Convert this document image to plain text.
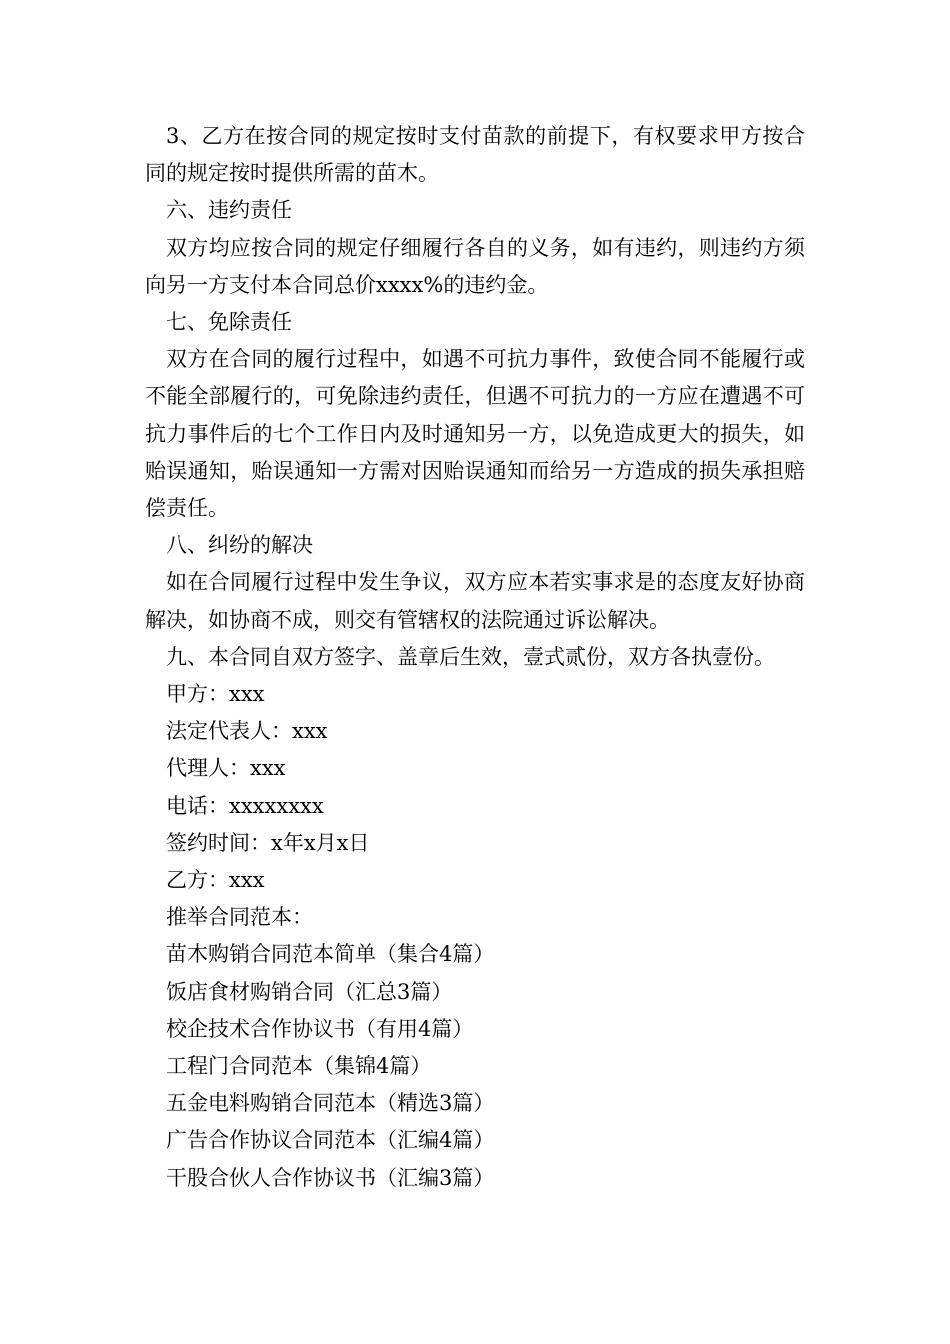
3、乙方在按合同的规定按时支付苗款的前提下，有权要求甲方按合同的规定按时提供所需的苗木。

六、违约责任

双方均应按合同的规定仔细履行各自的义务，如有违约，则违约方须向另一方支付本合同总价xxxx%的违约金。

七、免除责任

双方在合同的履行过程中，如遇不可抗力事件，致使合同不能履行或不能全部履行的，可免除违约责任，但遇不可抗力的一方应在遭遇不可抗力事件后的七个工作日内及时通知另一方，以免造成更大的损失，如贻误通知，贻误通知一方需对因贻误通知而给另一方造成的损失承担赔偿责任。

八、纠纷的解决

如在合同履行过程中发生争议，双方应本若实事求是的态度友好协商解决，如协商不成，则交有管辖权的法院通过诉讼解决。

九、本合同自双方签字、盖章后生效，壹式贰份，双方各执壹份。

甲方：xxx

法定代表人：xxx

代理人：xxx

电话：xxxxxxxx

签约时间：x年x月x日

乙方：xxx

推举合同范本：

苗木购销合同范本简单（集合4篇）

饭店食材购销合同（汇总3篇）

校企技术合作协议书（有用4篇）

工程门合同范本（集锦4篇）

五金电料购销合同范本（精选3篇）

广告合作协议合同范本（汇编4篇）

干股合伙人合作协议书（汇编3篇）
